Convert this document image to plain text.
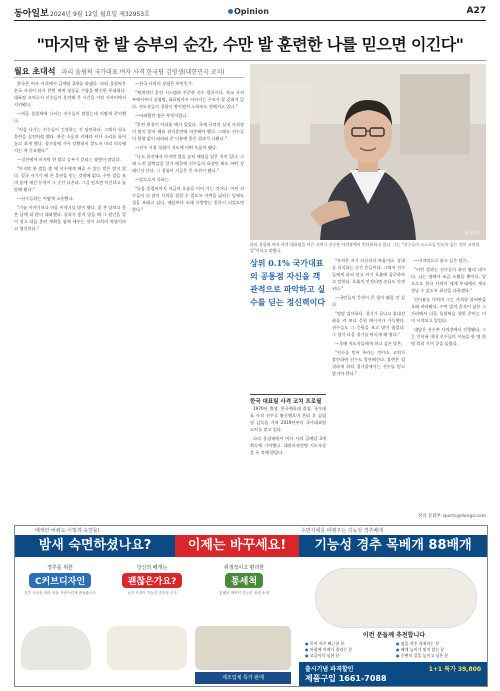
동아일보 2024년 9월 12일 월요일 제32953호	Opinion	A27
"마지막 한 발 승부의 순간, 수만 발 훈련한 나를 믿으면 이긴다"
월요 초대석 파리 올림픽 국가대표 여자 사격 한국팀 김영생(대한민국 코치)

한국은 여자 사격에서 금메달 3개를 따냈다. 파리 올림픽은 한국 사격이 다시 한번 세계 정상급 기량을 확인한 무대였다. 대표팀 코치로서 선수들이 훈련해 온 시간을 가장 가까이에서 지켜봤다.

—처음 올림픽에 나서는 선수들이 많았는데 어떻게 준비했나.

"처음 나가는 선수들이 긴장하는 건 당연하다. 그래서 평소 훈련을 실전처럼 했다. 관중 소음과 카메라 셔터 소리를 틀어 놓고 쏘게 했다. 경기장에 가서 당황하지 않도록 미리 익숙해지는 게 중요했다."

—결선에서 마지막 한 발로 승부가 갈리는 장면이 많았다.

"마지막 한 발을 쏠 때 선수에게 해줄 수 있는 말은 많지 않다. 결국 자기가 해 온 훈련을 믿는 것밖에 없다. 수만 발을 쏘며 몸에 새긴 동작이 그 순간 나온다. 그걸 믿으면 이긴다고 늘 말해 왔다."

—선수들과는 어떻게 소통했나.

"기술 이야기보다 마음 이야기를 많이 했다. 잘 쏜 날보다 못 쏜 날에 더 많이 대화했다. 결과가 좋지 않을 때 그 원인을 같이 찾고 다음 훈련 계획을 함께 세우는 것이 코치의 역할이라고 생각한다."

—한국 사격의 강점은 무엇인가.

"체계적인 훈련 시스템과 꾸준한 선수 발굴이다. 학교 사격부에서부터 실업팀, 대표팀까지 이어지는 구조가 잘 갖춰져 있다. 지도자들의 경험이 쌓이면서 노하우도 전해지고 있다."

—어려웠던 점은 무엇이었나.

"훈련 환경이 아쉬울 때가 있었다. 국제 규격의 실내 사격장이 많지 않아 해외 전지훈련에 의존해야 했다. 그래도 선수들이 불평 없이 따라와 준 덕분에 좋은 결과가 나왔다."

—선수 시절 경험이 지도에 어떤 도움이 됐나.

"나도 결선에서 마지막 발을 놓쳐 메달을 잃은 적이 있다. 그때 느낀 압박감을 알기 때문에 선수들의 표정만 봐도 어떤 상태인지 안다. 그 경험이 지금은 큰 자산이 됐다."

—앞으로의 목표는.

"다음 올림픽까지 지금의 흐름을 이어 가는 것이다. 어린 선수들이 더 많이 사격을 접할 수 있도록 저변을 넓히는 일에도 힘을 보태고 싶다. 메달보다 오래 사랑받는 종목이 되었으면 한다."

한국사진
파리 올림픽 여자 사격 대표팀을 이끈 코치가 선수촌 사격장에서 인터뷰하고 있다. 그는 "선수들이 스스로를 믿도록 돕는 것이 코치의 일"이라고 말했다.
상위 0.1% 국가대표의 공통점 자신을 객관적으로 파악하고 실수를 딛는 정신력이다

"사격은 자기 자신과의 싸움이다. 상대를 의식하는 순간 흔들린다. 그래서 선수들에게 과녁 말고 자기 호흡에 집중하라고 말한다. 호흡이 안정되면 손끝도 안정된다."

—국민들의 응원이 큰 힘이 됐을 것 같다.

"정말 감사하다. 경기가 끝나고 휴대전화를 켜 보니 응원 메시지가 가득했다. 선수들도 그 응원을 보고 많이 울었다. 그 힘이 다음 경기를 버티게 해 줬다."

—후배 지도자들에게 하고 싶은 말은.

"선수를 믿어 주라는 것이다. 코치가 불안하면 선수도 불안해진다. 훈련은 엄격하게 하되 경기장에서는 선수를 믿고 맡겨야 한다."

—마지막으로 하고 싶은 말은.

"이번 결과는 선수들이 흘린 땀의 대가다. 나는 옆에서 조금 도왔을 뿐이다. 앞으로도 한국 사격이 세계 무대에서 계속 빛날 수 있도록 최선을 다하겠다."

인터뷰를 마치며 그는 사격장 과녁판을 오래 바라봤다. 수만 발의 흔적이 남은 그 자리에서 다음 올림픽을 향한 준비는 이미 시작되고 있었다.

대담은 선수촌 사격장에서 진행됐다. 그는 인터뷰 내내 선수들의 이름을 한 명 한 명 불러 가며 공을 돌렸다.

한국 대표팀 사격 코치 프로필

1970년 출생. 한국체육대 졸업. 국가대표 사격 선수로 활동했으며 은퇴 후 실업팀 감독을 거쳐 2019년부터 국가대표팀 코치를 맡고 있다.

파리 올림픽에서 여자 사격 금메달 3개 획득에 기여했다. 대한사격연맹 지도자상을 두 차례 받았다.

정리 문화부 sports@donga.com
베개만 바꿔도 이렇게 숙면을!	수면자세를 바꿔주는 기능성 경추베개
밤새 숙면하셨나요?	이제는 바꾸세요!	기능성 경추 목베개 88배개
경추를 위한
C커브디자인
경추 곡선을 따라 목을 자연스럽게 받쳐줍니다
당신의 베개는
괜찮은가요?
높이 조절이 가능한 맞춤형 구조
위생적이고 편리한
통세척
통째로 세탁이 가능한 위생 소재
제조업체 특가 판매
이런 분들께 추천합니다
● 목이 자주 뻐근한 분
● 아침에 어깨가 결리는 분
● 코골이가 심한 분
● 잠을 자주 뒤척이는 분
● 베개 높이가 맞지 않는 분
● 수면의 질을 높이고 싶은 분
출시기념 파격할인	1+1 특가 39,800
제품구입 1661-7088
